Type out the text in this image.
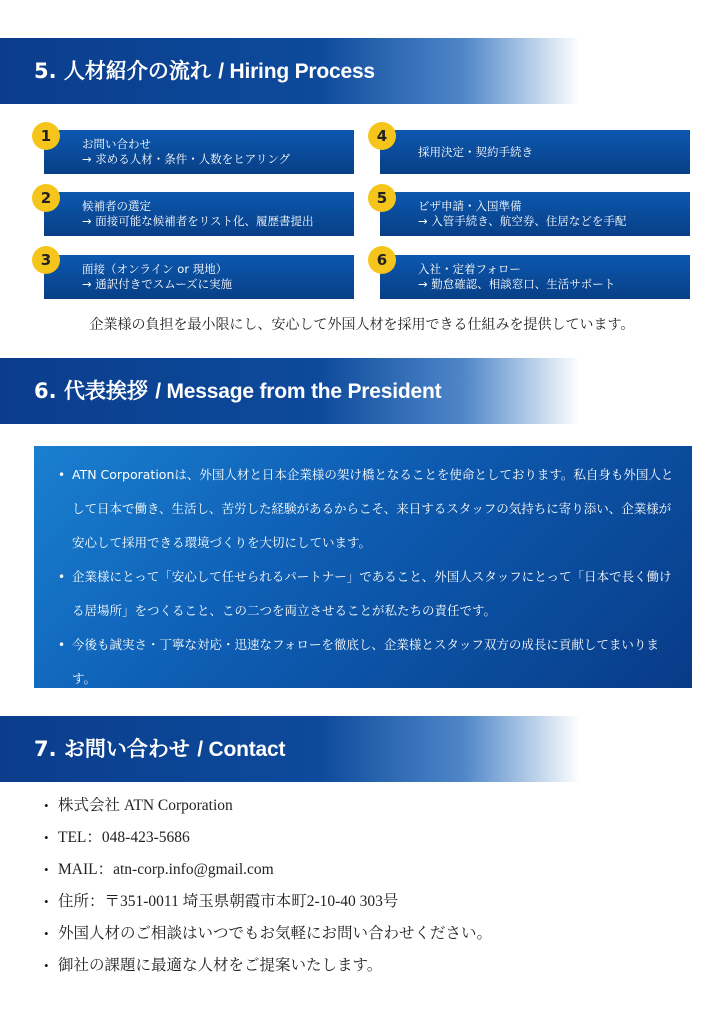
5. 人材紹介の流れ / Hiring Process
お問い合わせ
→ 求める人材・条件・人数をヒアリング
1
候補者の選定
→ 面接可能な候補者をリスト化、履歴書提出
2
面接（オンライン or 現地）
→ 通訳付きでスムーズに実施
3
採用決定・契約手続き
4
ビザ申請・入国準備
→ 入管手続き、航空券、住居などを手配
5
入社・定着フォロー
→ 勤怠確認、相談窓口、生活サポート
6
企業様の負担を最小限にし、安心して外国人材を採用できる仕組みを提供しています。
6. 代表挨拶 / Message from the President
• ATN Corporationは、外国人材と日本企業様の架け橋となることを使命としております。私自身も外国人として日本で働き、生活し、苦労した経験があるからこそ、来日するスタッフの気持ちに寄り添い、企業様が安心して採用できる環境づくりを大切にしています。
• 企業様にとって「安心して任せられるパートナー」であること、外国人スタッフにとって「日本で長く働ける居場所」をつくること、この二つを両立させることが私たちの責任です。
• 今後も誠実さ・丁寧な対応・迅速なフォローを徹底し、企業様とスタッフ双方の成長に貢献してまいります。
7. お問い合わせ / Contact
• 株式会社 ATN Corporation
• TEL：048-423-5686
• MAIL：atn-corp.info@gmail.com
• 住所：〒351-0011 埼玉県朝霞市本町2-10-40 303号
• 外国人材のご相談はいつでもお気軽にお問い合わせください。
• 御社の課題に最適な人材をご提案いたします。
